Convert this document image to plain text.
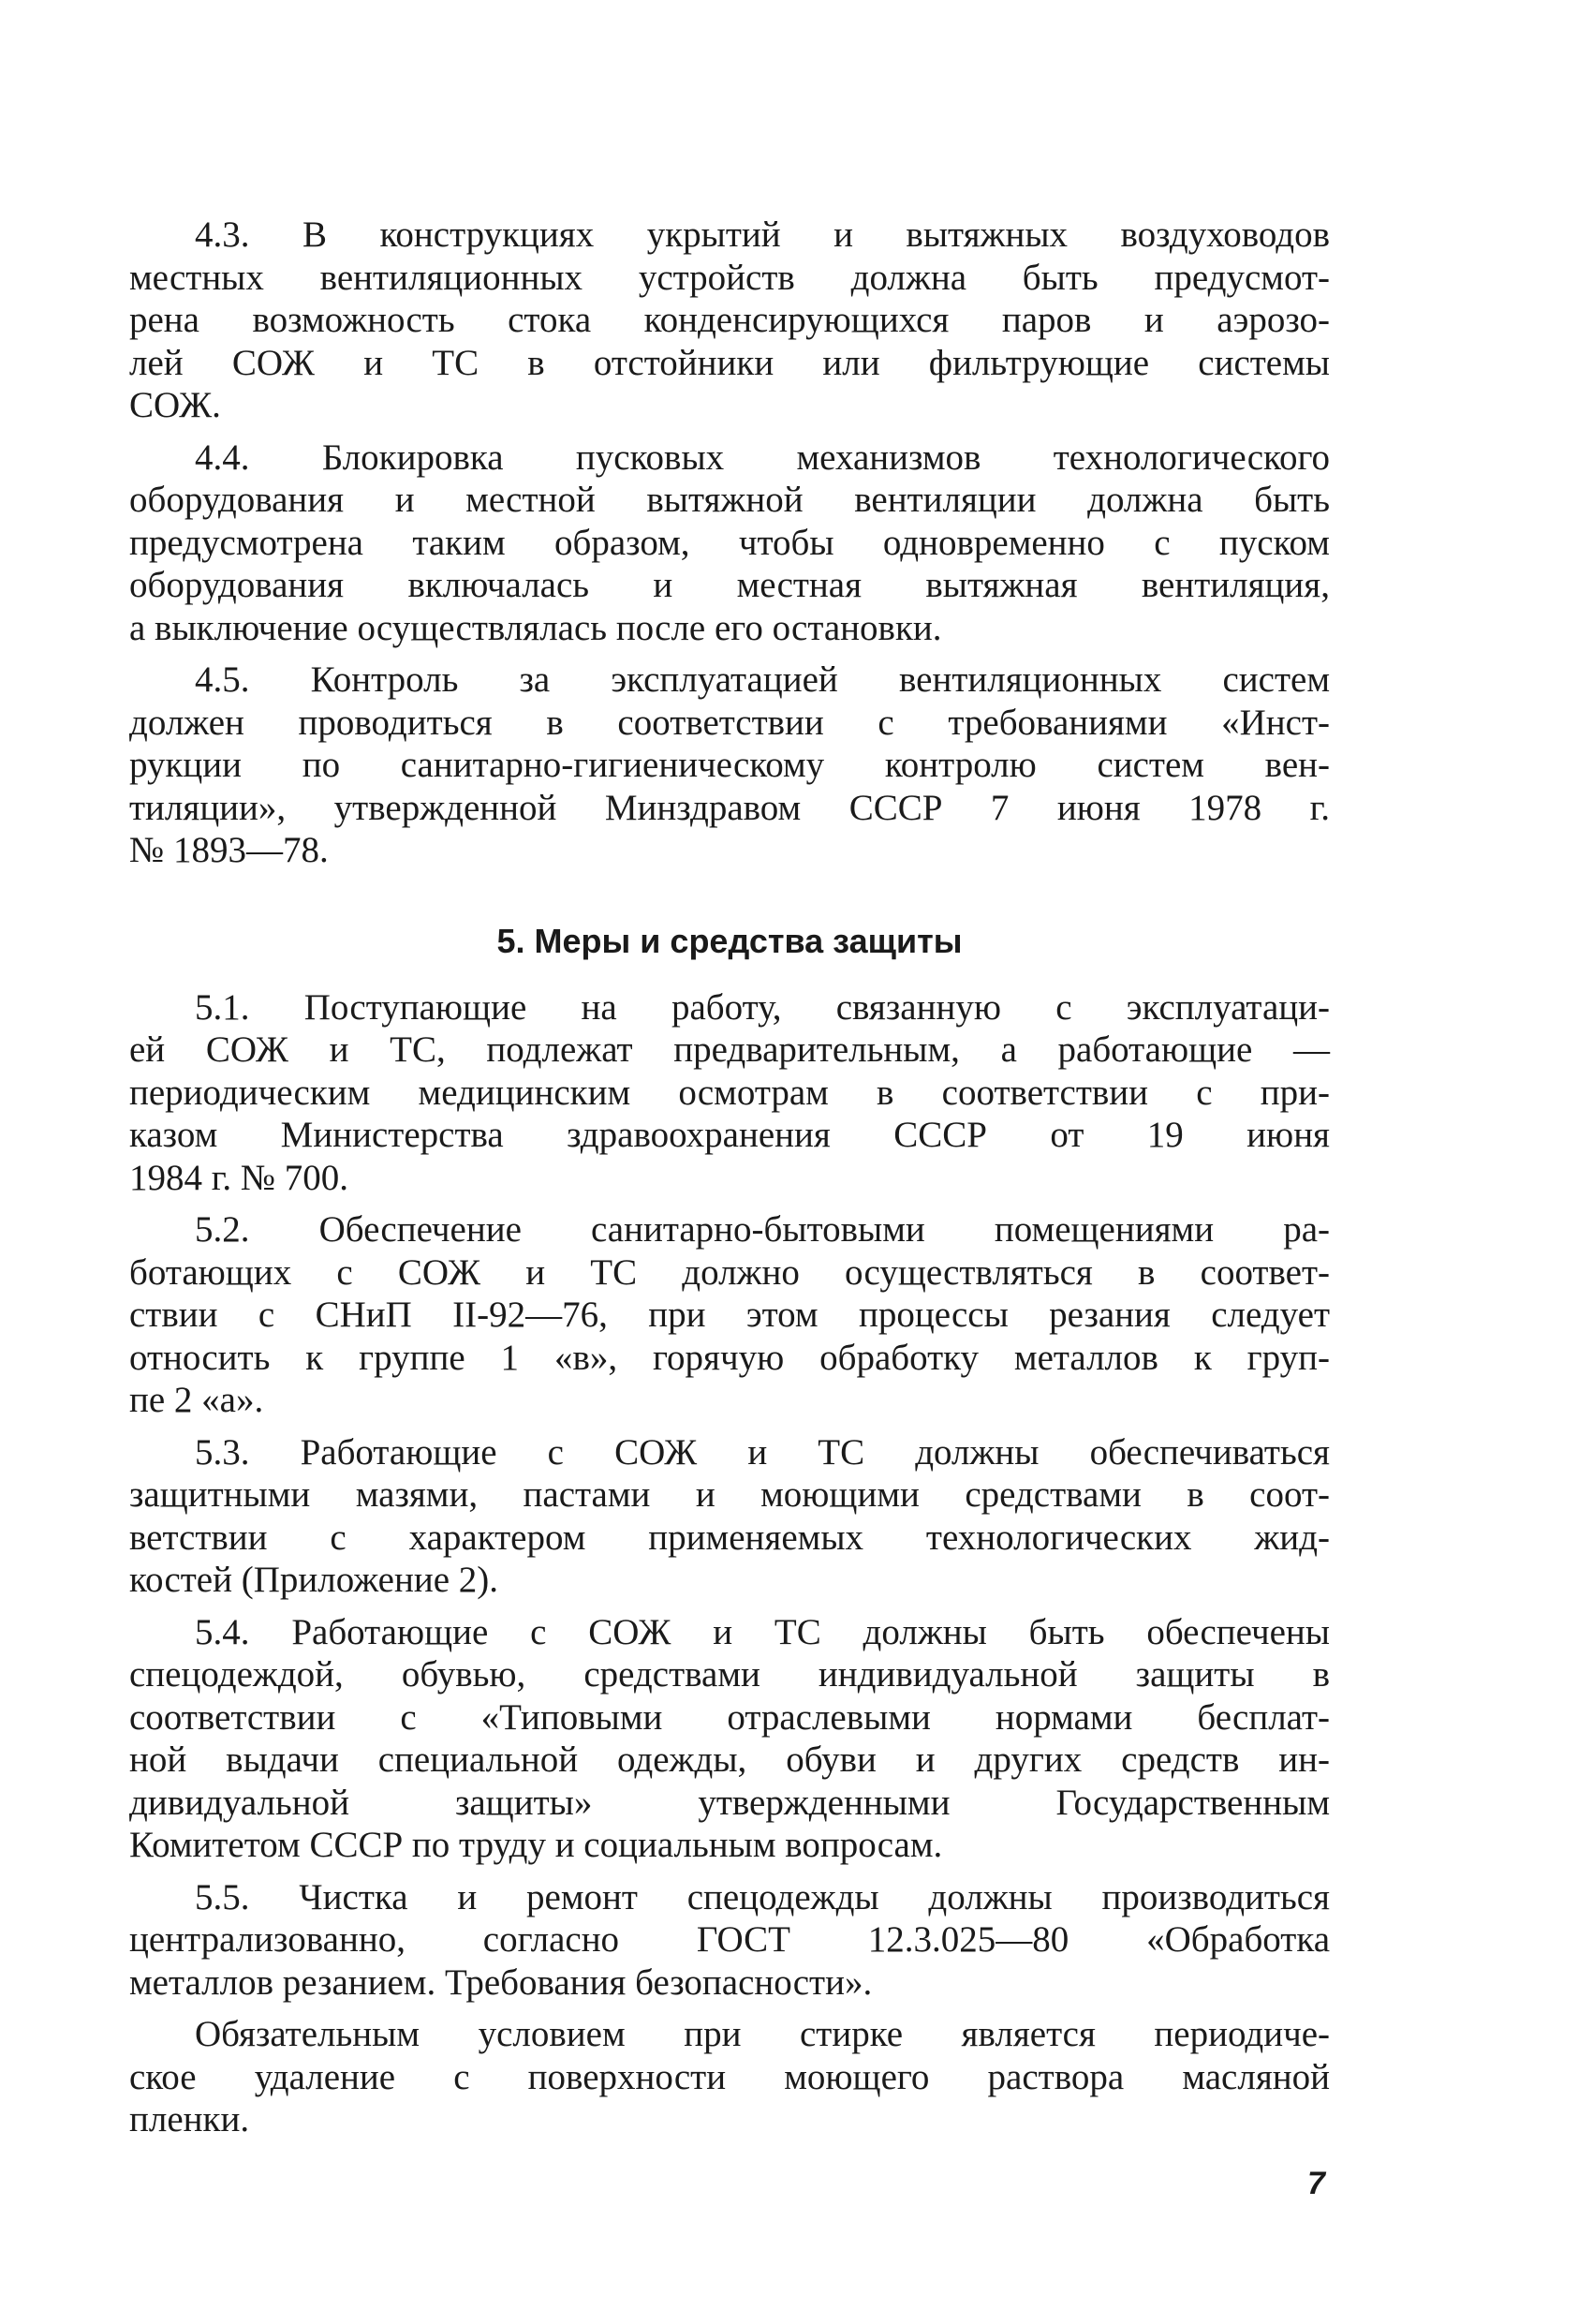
4.3. В конструкциях укрытий и вытяжных воздуховодов
местных вентиляционных устройств должна быть предусмот-
рена возможность стока конденсирующихся паров и аэрозо-
лей СОЖ и ТС в отстойники или фильтрующие системы
СОЖ.
4.4. Блокировка пусковых механизмов технологического
оборудования и местной вытяжной вентиляции должна быть
предусмотрена таким образом, чтобы одновременно с пуском
оборудования включалась и местная вытяжная вентиляция,
а выключение осуществлялась после его остановки.
4.5. Контроль за эксплуатацией вентиляционных систем
должен проводиться в соответствии с требованиями «Инст-
рукции по санитарно-гигиеническому контролю систем вен-
тиляции», утвержденной Минздравом СССР 7 июня 1978 г.
№ 1893—78.
5. Меры и средства защиты
5.1. Поступающие на работу, связанную с эксплуатаци-
ей СОЖ и ТС, подлежат предварительным, а работающие —
периодическим медицинским осмотрам в соответствии с при-
казом Министерства здравоохранения СССР от 19 июня
1984 г. № 700.
5.2. Обеспечение санитарно-бытовыми помещениями ра-
ботающих с СОЖ и ТС должно осуществляться в соответ-
ствии с СНиП II-92—76, при этом процессы резания следует
относить к группе 1 «в», горячую обработку металлов к груп-
пе 2 «а».
5.3. Работающие с СОЖ и ТС должны обеспечиваться
защитными мазями, пастами и моющими средствами в соот-
ветствии с характером применяемых технологических жид-
костей (Приложение 2).
5.4. Работающие с СОЖ и ТС должны быть обеспечены
спецодеждой, обувью, средствами индивидуальной защиты в
соответствии с «Типовыми отраслевыми нормами бесплат-
ной выдачи специальной одежды, обуви и других средств ин-
дивидуальной защиты» утвержденными Государственным
Комитетом СССР по труду и социальным вопросам.
5.5. Чистка и ремонт спецодежды должны производиться
централизованно, согласно ГОСТ 12.3.025—80 «Обработка
металлов резанием. Требования безопасности».
Обязательным условием при стирке является периодиче-
ское удаление с поверхности моющего раствора масляной
пленки.
7
